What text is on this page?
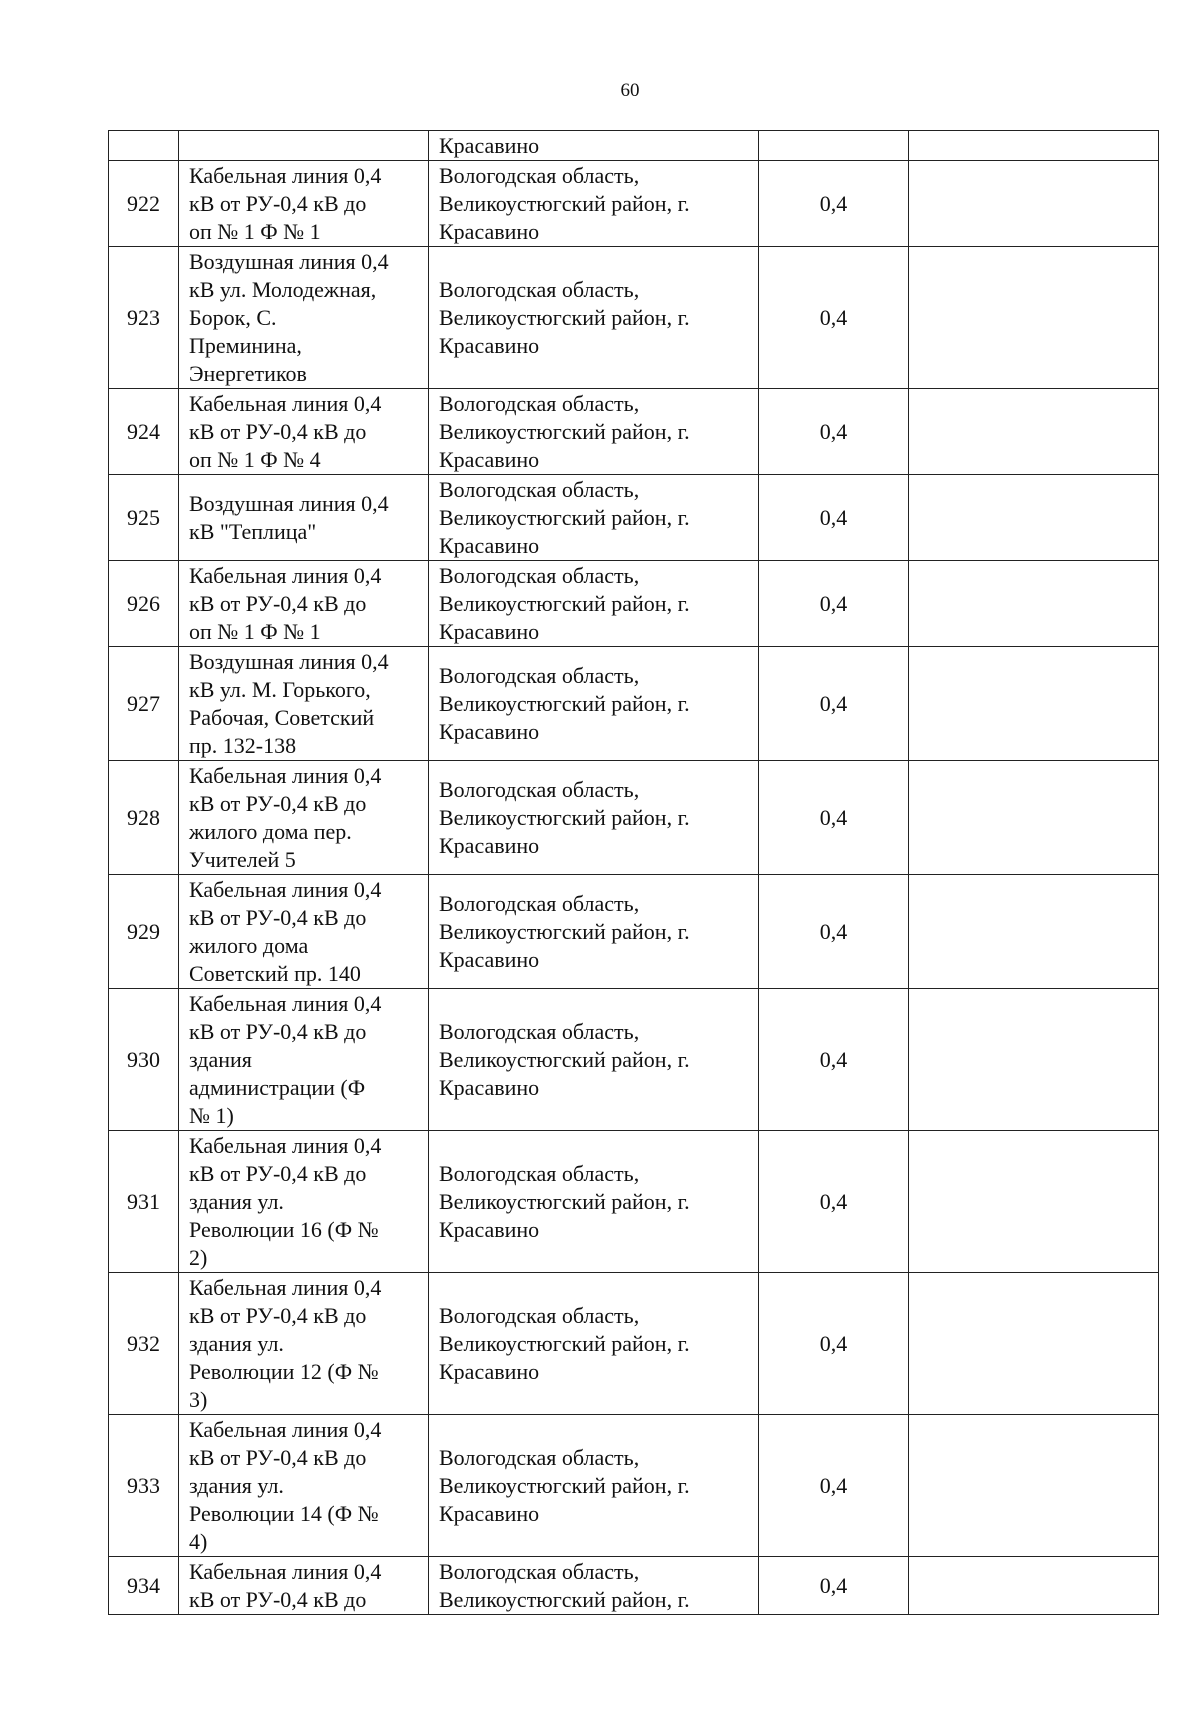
60

		Красавино		

922	Кабельная линия 0,4
кВ от РУ-0,4 кВ до
оп № 1 Ф № 1	Вологодская область,
Великоустюгский район, г.
Красавино	0,4	
923	Воздушная линия 0,4
кВ ул. Молодежная,
Борок, С.
Преминина,
Энергетиков	Вологодская область,
Великоустюгский район, г.
Красавино	0,4	
924	Кабельная линия 0,4
кВ от РУ-0,4 кВ до
оп № 1 Ф № 4	Вологодская область,
Великоустюгский район, г.
Красавино	0,4	
925	Воздушная линия 0,4
кВ "Теплица"	Вологодская область,
Великоустюгский район, г.
Красавино	0,4	
926	Кабельная линия 0,4
кВ от РУ-0,4 кВ до
оп № 1 Ф № 1	Вологодская область,
Великоустюгский район, г.
Красавино	0,4	
927	Воздушная линия 0,4
кВ ул. М. Горького,
Рабочая, Советский
пр. 132-138	Вологодская область,
Великоустюгский район, г.
Красавино	0,4	
928	Кабельная линия 0,4
кВ от РУ-0,4 кВ до
жилого дома пер.
Учителей 5	Вологодская область,
Великоустюгский район, г.
Красавино	0,4	
929	Кабельная линия 0,4
кВ от РУ-0,4 кВ до
жилого дома
Советский пр. 140	Вологодская область,
Великоустюгский район, г.
Красавино	0,4	
930	Кабельная линия 0,4
кВ от РУ-0,4 кВ до
здания
администрации (Ф
№ 1)	Вологодская область,
Великоустюгский район, г.
Красавино	0,4	
931	Кабельная линия 0,4
кВ от РУ-0,4 кВ до
здания ул.
Революции 16 (Ф №
2)	Вологодская область,
Великоустюгский район, г.
Красавино	0,4	
932	Кабельная линия 0,4
кВ от РУ-0,4 кВ до
здания ул.
Революции 12 (Ф №
3)	Вологодская область,
Великоустюгский район, г.
Красавино	0,4	
933	Кабельная линия 0,4
кВ от РУ-0,4 кВ до
здания ул.
Революции 14 (Ф №
4)	Вологодская область,
Великоустюгский район, г.
Красавино	0,4	
934	Кабельная линия 0,4
кВ от РУ-0,4 кВ до	Вологодская область,
Великоустюгский район, г.	0,4	
